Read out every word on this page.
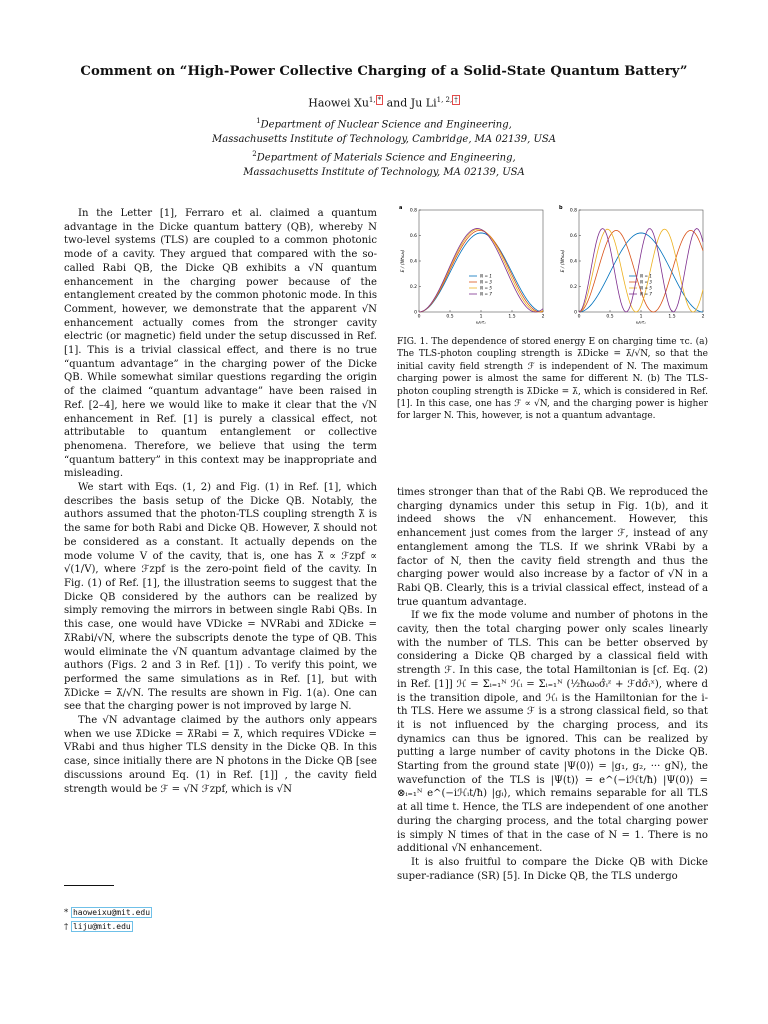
Comment on “High-Power Collective Charging of a Solid-State Quantum Battery”
Haowei $Xu^{1,}$ * and Ju $Li^{1, 2,}$ †
$^1$Department of Nuclear Science and Engineering,
Massachusetts Institute of Technology, Cambridge, MA 02139, USA
$^2$Department of Materials Science and Engineering,
Massachusetts Institute of Technology, MA 02139, USA

In the Letter [1], Ferraro et al. claimed a quantum advantage in the Dicke quantum battery (QB), whereby N two-level systems (TLS) are coupled to a common photonic mode of a cavity. They argued that compared with the so-called Rabi QB, the Dicke QB exhibits a √N quantum enhancement in the charging power because of the entanglement created by the common photonic mode. In this Comment, however, we demonstrate that the apparent √N enhancement actually comes from the stronger cavity electric (or magnetic) field under the setup discussed in Ref. [1]. This is a trivial classical effect, and there is no true “quantum advantage” in the charging power of the Dicke QB. While somewhat similar questions regarding the origin of the claimed “quantum advantage” have been raised in Ref. [2–4], here we would like to make it clear that the √N enhancement in Ref. [1] is purely a classical effect, not attributable to quantum entanglement or collective phenomena. Therefore, we believe that using the term “quantum battery” in this context may be inappropriate and misleading.

We start with Eqs. (1, 2) and Fig. (1) in Ref. [1], which describes the basis setup of the Dicke QB. Notably, the authors assumed that the photon-TLS coupling strength λ̃ is the same for both Rabi and Dicke QB. However, λ̃ should not be considered as a constant. It actually depends on the mode volume V of the cavity, that is, one has λ̃ ∝ ℱzpf ∝ √(1/V), where ℱzpf is the zero-point field of the cavity. In Fig. (1) of Ref. [1], the illustration seems to suggest that the Dicke QB considered by the authors can be realized by simply removing the mirrors in between single Rabi QBs. In this case, one would have VDicke = NVRabi and λ̃Dicke = λ̃Rabi/√N, where the subscripts denote the type of QB. This would eliminate the √N quantum advantage claimed by the authors (Figs. 2 and 3 in Ref. [1]) . To verify this point, we performed the same simulations as in Ref. [1], but with λ̃Dicke = λ̃/√N. The results are shown in Fig. 1(a). One can see that the charging power is not improved by large N.

The √N advantage claimed by the authors only appears when we use λ̃Dicke = λ̃Rabi = λ̃, which requires VDicke = VRabi and thus higher TLS density in the Dicke QB. In this case, since initially there are N photons in the Dicke QB [see discussions around Eq. (1) in Ref. [1]] , the cavity field strength would be ℱ = √N ℱzpf, which is √N

a
0	0.5	1	1.5	2
0
0.2
0.4
0.6
0.8
ω₀τ꜀
E / (Nħω₀)
N = 1
N = 3
N = 5
N = 7
b
0	0.5	1	1.5	2
0
0.2
0.4
0.6
0.8
ω₀τ꜀
E / (Nħω₀)
N = 1
N = 3
N = 5
N = 7

FIG. 1. The dependence of stored energy E on charging time τc. (a) The TLS-photon coupling strength is λ̃Dicke = λ̃/√N, so that the initial cavity field strength ℱ is independent of N. The maximum charging power is almost the same for different N. (b) The TLS-photon coupling strength is λ̃Dicke = λ̃, which is considered in Ref. [1]. In this case, one has ℱ ∝ √N, and the charging power is higher for larger N. This, however, is not a quantum advantage.

times stronger than that of the Rabi QB. We reproduced the charging dynamics under this setup in Fig. 1(b), and it indeed shows the √N enhancement. However, this enhancement just comes from the larger ℱ, instead of any entanglement among the TLS. If we shrink VRabi by a factor of N, then the cavity field strength and thus the charging power would also increase by a factor of √N in a Rabi QB. Clearly, this is a trivial classical effect, instead of a true quantum advantage.

If we fix the mode volume and number of photons in the cavity, then the total charging power only scales linearly with the number of TLS. This can be better observed by considering a Dicke QB charged by a classical field with strength ℱ. In this case, the total Hamiltonian is [cf. Eq. (2) in Ref. [1]] ℋ = Σᵢ₌₁ᴺ ℋᵢ = Σᵢ₌₁ᴺ (½ħω₀σ̂ᵢᶻ + ℱdσ̂ᵢˣ), where d is the transition dipole, and ℋᵢ is the Hamiltonian for the i-th TLS. Here we assume ℱ is a strong classical field, so that it is not influenced by the charging process, and its dynamics can thus be ignored. This can be realized by putting a large number of cavity photons in the Dicke QB. Starting from the ground state |Ψ(0)⟩ = |g₁, g₂, ··· gN⟩, the wavefunction of the TLS is |Ψ(t)⟩ = e^(−iℋt/ħ) |Ψ(0)⟩ = ⊗ᵢ₌₁ᴺ e^(−iℋᵢt/ħ) |gᵢ⟩, which remains separable for all TLS at all time t. Hence, the TLS are independent of one another during the charging process, and the total charging power is simply N times of that in the case of N = 1. There is no additional √N enhancement.

It is also fruitful to compare the Dicke QB with Dicke super-radiance (SR) [5]. In Dicke QB, the TLS undergo

* haoweixu@mit.edu
† liju@mit.edu
